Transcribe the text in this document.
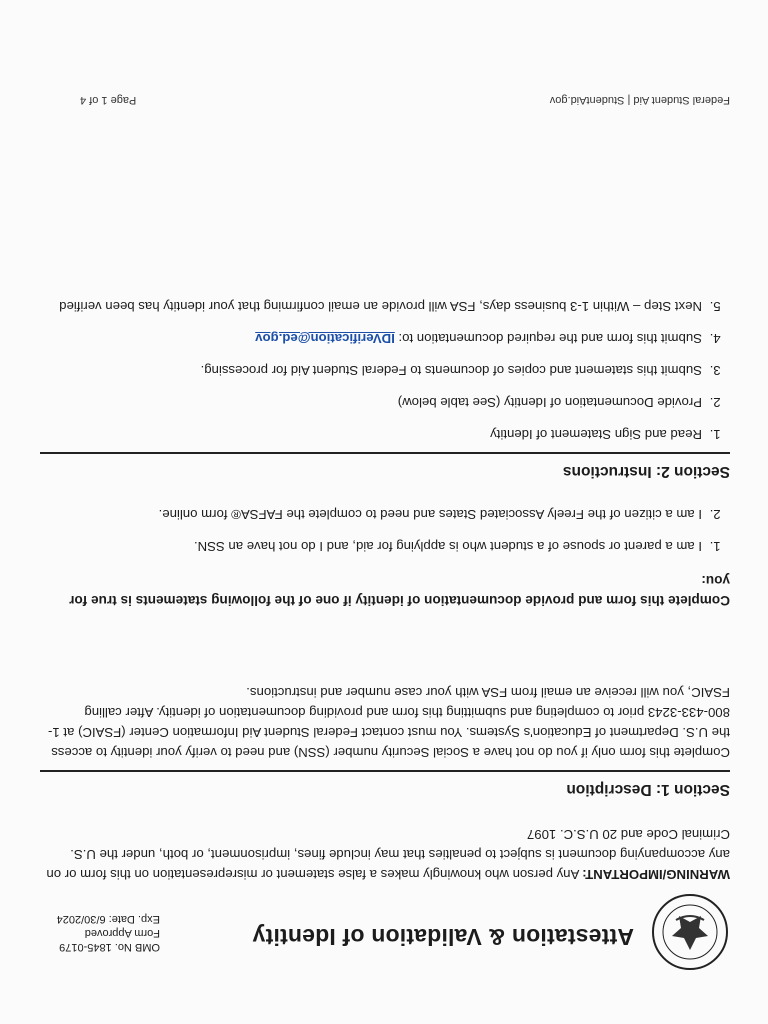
Attestation & Validation of Identity
OMB No. 1845-0179
Form Approved
Exp. Date: 6/30/2024
WARNING/IMPORTANT: Any person who knowingly makes a false statement or misrepresentation on this form or on any accompanying document is subject to penalties that may include fines, imprisonment, or both, under the U.S. Criminal Code and 20 U.S.C. 1097
Section 1: Description
Complete this form only if you do not have a Social Security number (SSN) and need to verify your identity to access the U.S. Department of Education's Systems. You must contact Federal Student Aid Information Center (FSAIC) at 1-800-433-3243 prior to completing and submitting this form and providing documentation of identity. After calling FSAIC, you will receive an email from FSA with your case number and instructions.
Complete this form and provide documentation of identity if one of the following statements is true for you:
1. I am a parent or spouse of a student who is applying for aid, and I do not have an SSN.
2. I am a citizen of the Freely Associated States and need to complete the FAFSA® form online.
Section 2: Instructions
1. Read and Sign Statement of Identity
2. Provide Documentation of Identity (See table below)
3. Submit this statement and copies of documents to Federal Student Aid for processing.
4. Submit this form and the required documentation to: IDVerification@ed.gov
5. Next Step – Within 1-3 business days, FSA will provide an email confirming that your identity has been verified
Federal Student Aid | StudentAid.gov
Page 1 of 4
